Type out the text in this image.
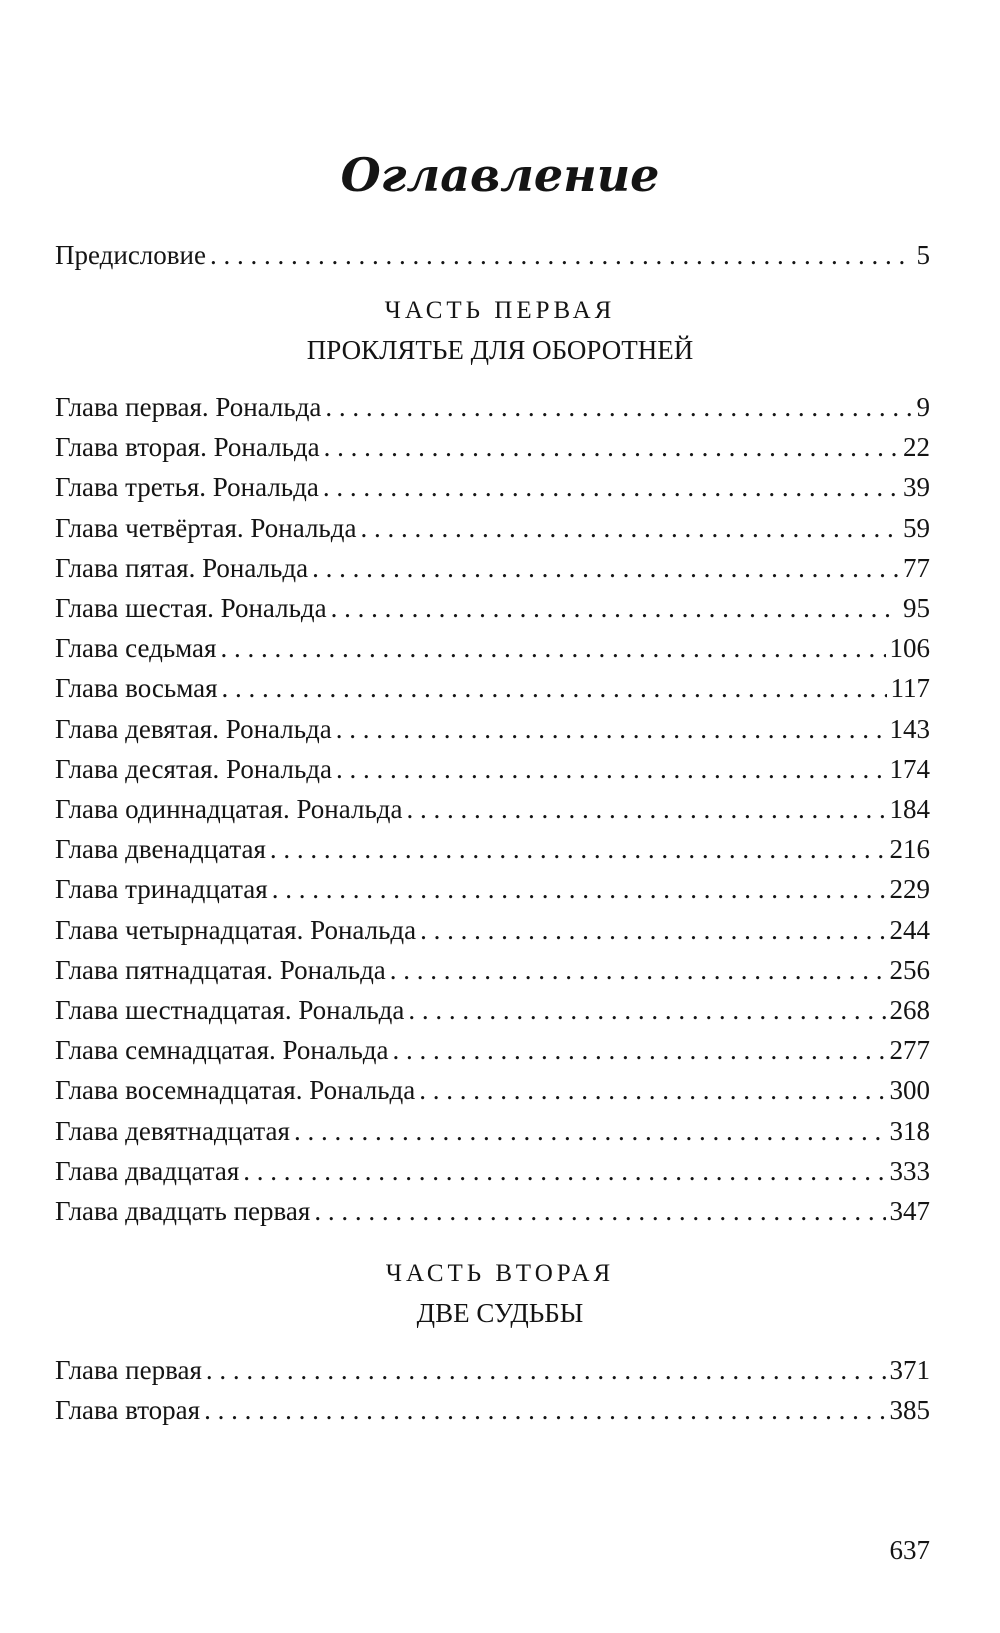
Оглавление
Предисловие . . .	5
ЧАСТЬ ПЕРВАЯ
ПРОКЛЯТЬЕ ДЛЯ ОБОРОТНЕЙ
Глава первая. Рональда . . .	9
Глава вторая. Рональда . . .	22
Глава третья. Рональда . . .	39
Глава четвёртая. Рональда . . .	59
Глава пятая. Рональда . . .	77
Глава шестая. Рональда . . .	95
Глава седьмая . . .	106
Глава восьмая . . .	117
Глава девятая. Рональда . . .	143
Глава десятая. Рональда . . .	174
Глава одиннадцатая. Рональда . . .	184
Глава двенадцатая . . .	216
Глава тринадцатая . . .	229
Глава четырнадцатая. Рональда . . .	244
Глава пятнадцатая. Рональда . . .	256
Глава шестнадцатая. Рональда . . .	268
Глава семнадцатая. Рональда . . .	277
Глава восемнадцатая. Рональда . . .	300
Глава девятнадцатая . . .	318
Глава двадцатая . . .	333
Глава двадцать первая . . .	347
ЧАСТЬ ВТОРАЯ
ДВЕ СУДЬБЫ
Глава первая . . .	371
Глава вторая . . .	385
637
